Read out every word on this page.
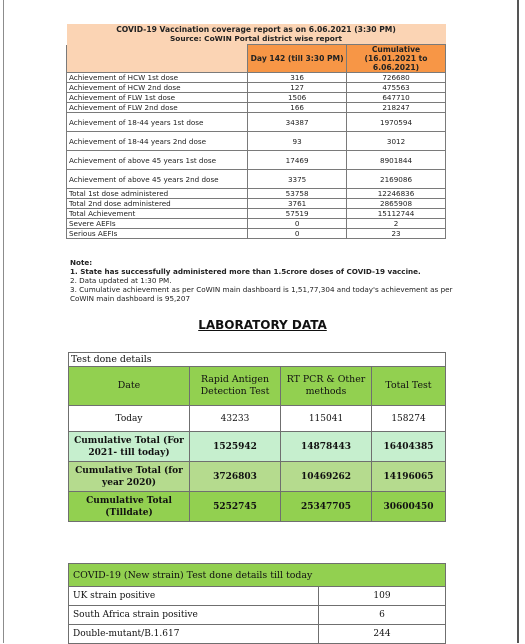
COVID-19 Vaccination coverage report as on 6.06.2021 (3:30 PM)		
Source: CoWIN Portal district wise report		
	Day 142 (till 3:30 PM)	Cumulative (16.01.2021 to 6.06.2021)
Achievement of HCW 1st dose	316	726680
Achievement of HCW 2nd dose	127	475563
Achievement of FLW 1st dose	1506	647710
Achievement of FLW 2nd dose	166	218247
Achievement of 18-44 years 1st dose	34387	1970594
Achievement of 18-44 years 2nd dose	93	3012
Achievement of above 45 years 1st dose	17469	8901844
Achievement of above 45 years 2nd dose	3375	2169086
Total 1st dose administered	53758	12246836
Total 2nd dose administered	3761	2865908
Total Achievement	57519	15112744
Severe AEFIs	0	2
Serious AEFIs	0	23
Note:
1. State has successfully administered more than 1.5crore doses of COVID-19 vaccine.
2. Data updated at 1:30 PM.
3. Cumulative achievement as per CoWIN main dashboard is 1,51,77,304 and today's achievement as per CoWIN main dashboard is 95,207
LABORATORY DATA
Test done details			
Date	Rapid Antigen Detection Test	RT PCR & Other methods	Total Test
Today	43233	115041	158274
Cumulative Total (For 2021- till today)	1525942	14878443	16404385
Cumulative Total (for year 2020)	3726803	10469262	14196065
Cumulative Total (Tilldate)	5252745	25347705	30600450
COVID-19 (New strain) Test done details till today	
UK strain positive	109
South Africa strain positive	6
Double-mutant/B.1.617	244
